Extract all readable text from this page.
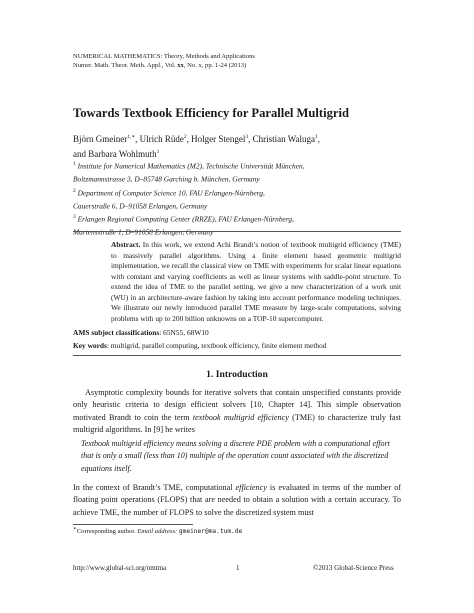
NUMERICAL MATHEMATICS: Theory, Methods and Applications
Numer. Math. Theor. Meth. Appl., Vol. xx, No. x, pp. 1-24 (2013)
Towards Textbook Efficiency for Parallel Multigrid
Björn Gmeiner$^{1,∗}$, Ulrich Rüde$^2$, Holger Stengel$^3$, Christian Waluga$^1$,
and Barbara Wohlmuth$^1$
$^1$ Institute for Numerical Mathematics (M2), Technische Universität München,
Boltzmannstrasse 3, D–85748 Garching b. München, Germany
$^2$ Department of Computer Science 10, FAU Erlangen-Nürnberg,
Cauerstraße 6, D–91058 Erlangen, Germany
$^3$ Erlangen Regional Computing Center (RRZE), FAU Erlangen-Nürnberg,
Martensstraße 1, D–91058 Erlangen, Germany
Abstract. In this work, we extend Achi Brandt’s notion of textbook multigrid efficiency (TME) to massively parallel algorithms. Using a finite element based geometric multigrid implementation, we recall the classical view on TME with experiments for scalar linear equations with constant and varying coefficients as well as linear systems with saddle-point structure. To extend the idea of TME to the parallel setting, we give a new characterization of a work unit (WU) in an architecture-aware fashion by taking into account performance modeling techniques. We illustrate our newly introduced parallel TME measure by large-scale computations, solving problems with up to 200 billion unknowns on a TOP-10 supercomputer.
AMS subject classifications: 65N55, 68W10
Key words: multigrid, parallel computing, textbook efficiency, finite element method
1. Introduction
Asymptotic complexity bounds for iterative solvers that contain unspecified constants provide only heuristic criteria to design efficient solvers [10, Chapter 14]. This simple observation motivated Brandt to coin the term textbook multigrid efficiency (TME) to characterize truly fast multigrid algorithms. In [9] he writes
Textbook multigrid efficiency means solving a discrete PDE problem with a computational effort that is only a small (less than 10) multiple of the operation count associated with the discretized equations itself.
In the context of Brandt’s TME, computational efficiency is evaluated in terms of the number of floating point operations (FLOPS) that are needed to obtain a solution with a certain accuracy. To achieve TME, the number of FLOPS to solve the discretized system must
∗Corresponding author. Email address: gmeiner@ma.tum.de
http://www.global-sci.org/nmtma	1	©2013 Global-Science Press
